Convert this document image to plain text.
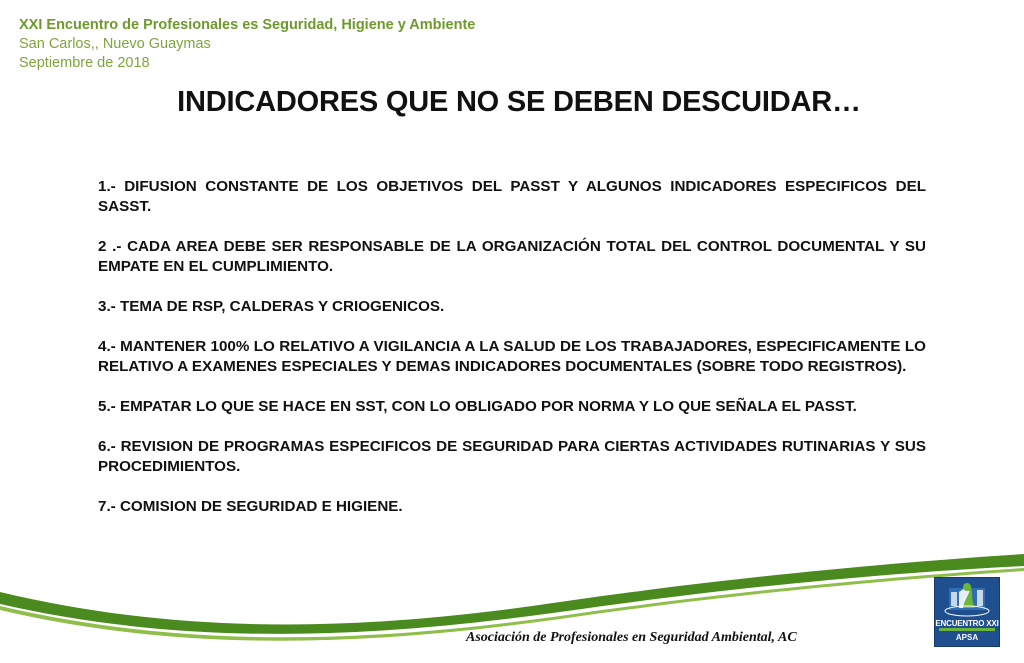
XXI Encuentro de Profesionales es Seguridad, Higiene y Ambiente
San Carlos,, Nuevo Guaymas
Septiembre de 2018
INDICADORES QUE NO SE DEBEN DESCUIDAR…

1.- DIFUSION CONSTANTE DE LOS OBJETIVOS DEL PASST Y ALGUNOS INDICADORES ESPECIFICOS DEL SASST.

2 .- CADA AREA DEBE SER RESPONSABLE DE LA ORGANIZACIÓN TOTAL DEL CONTROL DOCUMENTAL Y SU EMPATE EN EL CUMPLIMIENTO.

3.- TEMA DE RSP, CALDERAS Y CRIOGENICOS.

4.- MANTENER 100% LO RELATIVO A VIGILANCIA A LA SALUD DE LOS TRABAJADORES, ESPECIFICAMENTE LO RELATIVO A EXAMENES ESPECIALES Y DEMAS INDICADORES DOCUMENTALES (SOBRE TODO REGISTROS).

5.- EMPATAR LO QUE SE HACE EN SST, CON LO OBLIGADO POR NORMA Y LO QUE SEÑALA EL PASST.

6.- REVISION DE PROGRAMAS ESPECIFICOS DE SEGURIDAD PARA CIERTAS ACTIVIDADES RUTINARIAS Y SUS PROCEDIMIENTOS.

7.- COMISION DE SEGURIDAD E HIGIENE.

Asociación de Profesionales en Seguridad Ambiental, AC
ENCUENTRO XXI
APSA
